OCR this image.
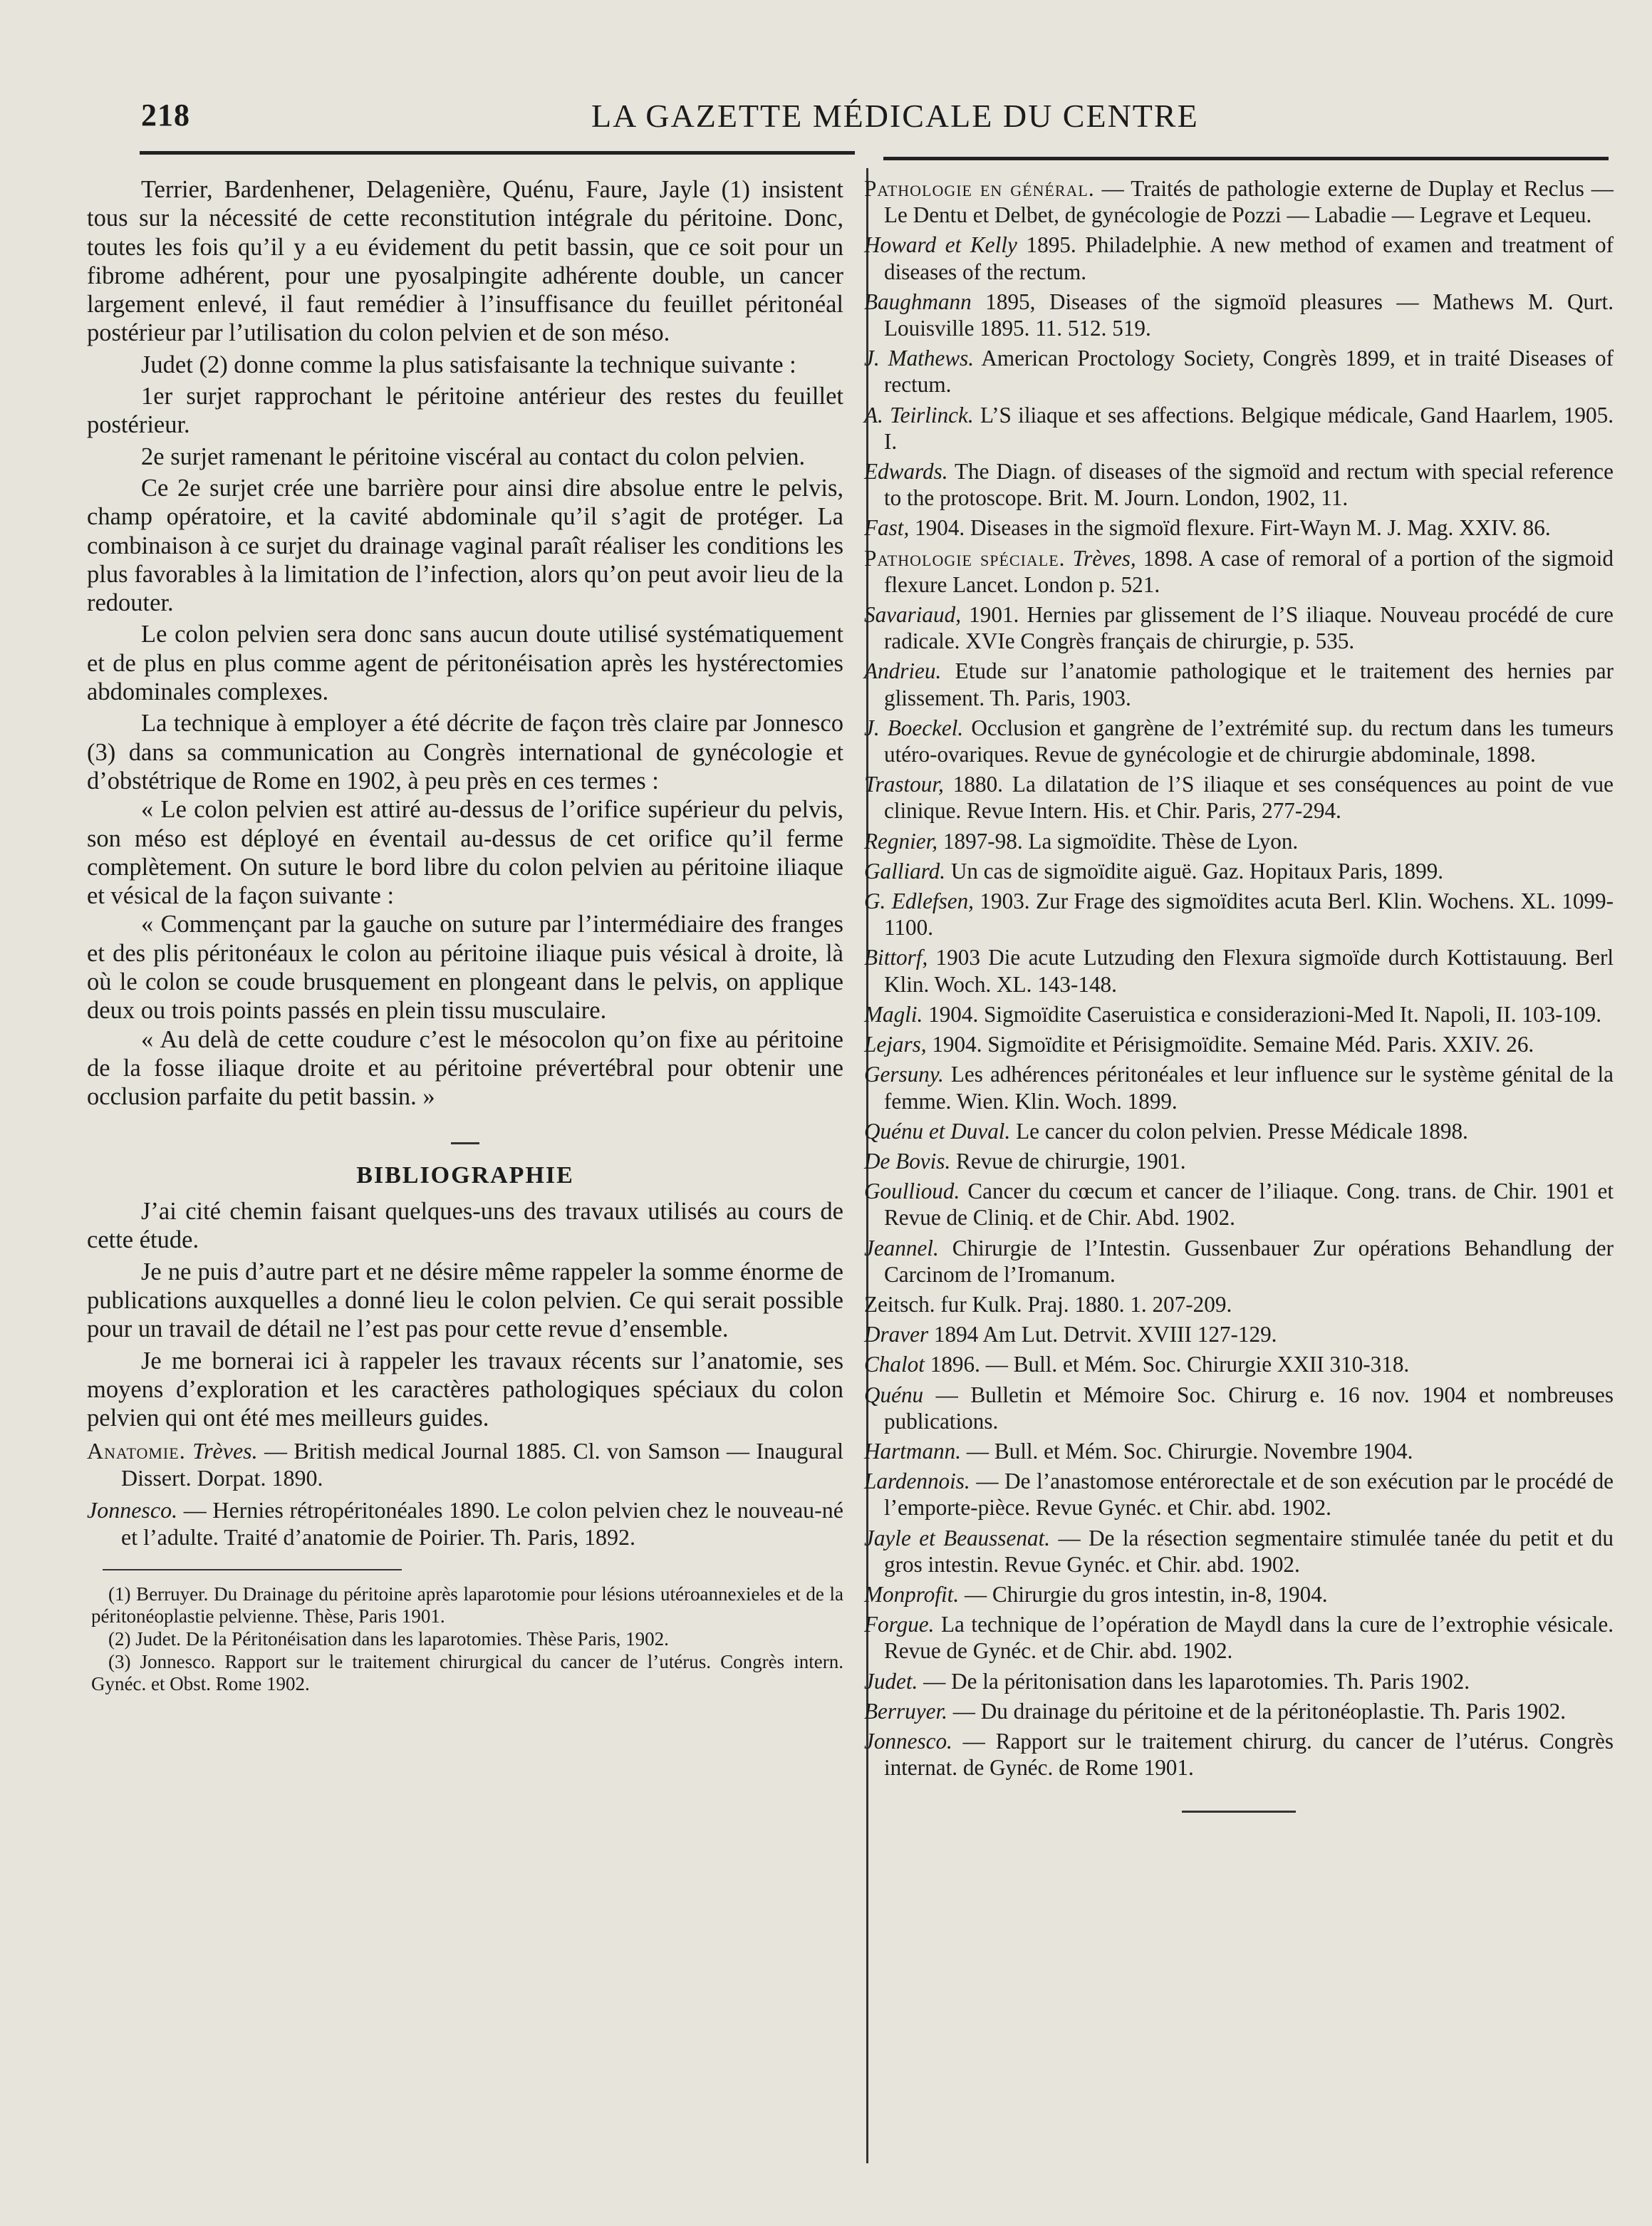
218	LA GAZETTE MÉDICALE DU CENTRE

Terrier, Bardenhener, Delagenière, Quénu, Faure, Jayle (1) insistent tous sur la nécessité de cette reconstitution intégrale du péritoine. Donc, toutes les fois qu’il y a eu évidement du petit bassin, que ce soit pour un fibrome adhérent, pour une pyosalpingite adhérente double, un cancer largement enlevé, il faut remédier à l’insuffisance du feuillet péritonéal postérieur par l’utilisation du colon pelvien et de son méso.

Judet (2) donne comme la plus satisfaisante la technique suivante :

1er surjet rapprochant le péritoine antérieur des restes du feuillet postérieur.

2e surjet ramenant le péritoine viscéral au contact du colon pelvien.

Ce 2e surjet crée une barrière pour ainsi dire absolue entre le pelvis, champ opératoire, et la cavité abdominale qu’il s’agit de protéger. La combinaison à ce surjet du drainage vaginal paraît réaliser les conditions les plus favorables à la limitation de l’infection, alors qu’on peut avoir lieu de la redouter.

Le colon pelvien sera donc sans aucun doute utilisé systématiquement et de plus en plus comme agent de péritonéisation après les hystérectomies abdominales complexes.

La technique à employer a été décrite de façon très claire par Jonnesco (3) dans sa communication au Congrès international de gynécologie et d’obstétrique de Rome en 1902, à peu près en ces termes :

« Le colon pelvien est attiré au-dessus de l’orifice supérieur du pelvis, son méso est déployé en éventail au-dessus de cet orifice qu’il ferme complètement. On suture le bord libre du colon pelvien au péritoine iliaque et vésical de la façon suivante :

« Commençant par la gauche on suture par l’intermédiaire des franges et des plis péritonéaux le colon au péritoine iliaque puis vésical à droite, là où le colon se coude brusquement en plongeant dans le pelvis, on applique deux ou trois points passés en plein tissu musculaire.

« Au delà de cette coudure c’est le mésocolon qu’on fixe au péritoine de la fosse iliaque droite et au péritoine prévertébral pour obtenir une occlusion parfaite du petit bassin. »

BIBLIOGRAPHIE

J’ai cité chemin faisant quelques-uns des travaux utilisés au cours de cette étude.

Je ne puis d’autre part et ne désire même rappeler la somme énorme de publications auxquelles a donné lieu le colon pelvien. Ce qui serait possible pour un travail de détail ne l’est pas pour cette revue d’ensemble.

Je me bornerai ici à rappeler les travaux récents sur l’anatomie, ses moyens d’exploration et les caractères pathologiques spéciaux du colon pelvien qui ont été mes meilleurs guides.

Anatomie. Trèves. — British medical Journal 1885. Cl. von Samson — Inaugural Dissert. Dorpat. 1890.

Jonnesco. — Hernies rétropéritonéales 1890. Le colon pelvien chez le nouveau-né et l’adulte. Traité d’anatomie de Poirier. Th. Paris, 1892.

(1) Berruyer. Du Drainage du péritoine après laparotomie pour lésions utéroannexieles et de la péritonéoplastie pelvienne. Thèse, Paris 1901.

(2) Judet. De la Péritonéisation dans les laparotomies. Thèse Paris, 1902.

(3) Jonnesco. Rapport sur le traitement chirurgical du cancer de l’utérus. Congrès intern. Gynéc. et Obst. Rome 1902.

Pathologie en général. — Traités de pathologie externe de Duplay et Reclus — Le Dentu et Delbet, de gynécologie de Pozzi — Labadie — Legrave et Lequeu.

Howard et Kelly 1895. Philadelphie. A new method of examen and treatment of diseases of the rectum.

Baughmann 1895, Diseases of the sigmoïd pleasures — Mathews M. Qurt. Louisville 1895. 11. 512. 519.

J. Mathews. American Proctology Society, Congrès 1899, et in traité Diseases of rectum.

A. Teirlinck. L’S iliaque et ses affections. Belgique médicale, Gand Haarlem, 1905. I.

Edwards. The Diagn. of diseases of the sigmoïd and rectum with special reference to the protoscope. Brit. M. Journ. London, 1902, 11.

Fast, 1904. Diseases in the sigmoïd flexure. Firt-Wayn M. J. Mag. XXIV. 86.

Pathologie spéciale. Trèves, 1898. A case of remoral of a portion of the sigmoid flexure Lancet. London p. 521.

Savariaud, 1901. Hernies par glissement de l’S iliaque. Nouveau procédé de cure radicale. XVIe Congrès français de chirurgie, p. 535.

Andrieu. Etude sur l’anatomie pathologique et le traitement des hernies par glissement. Th. Paris, 1903.

J. Boeckel. Occlusion et gangrène de l’extrémité sup. du rectum dans les tumeurs utéro-ovariques. Revue de gynécologie et de chirurgie abdominale, 1898.

Trastour, 1880. La dilatation de l’S iliaque et ses conséquences au point de vue clinique. Revue Intern. His. et Chir. Paris, 277-294.

Regnier, 1897-98. La sigmoïdite. Thèse de Lyon.

Galliard. Un cas de sigmoïdite aiguë. Gaz. Hopitaux Paris, 1899.

G. Edlefsen, 1903. Zur Frage des sigmoïdites acuta Berl. Klin. Wochens. XL. 1099-1100.

Bittorf, 1903 Die acute Lutzuding den Flexura sigmoïde durch Kottistauung. Berl Klin. Woch. XL. 143-148.

Magli. 1904. Sigmoïdite Caseruistica e considerazioni-Med It. Napoli, II. 103-109.

Lejars, 1904. Sigmoïdite et Périsigmoïdite. Semaine Méd. Paris. XXIV. 26.

Gersuny. Les adhérences péritonéales et leur influence sur le système génital de la femme. Wien. Klin. Woch. 1899.

Quénu et Duval. Le cancer du colon pelvien. Presse Médicale 1898.

De Bovis. Revue de chirurgie, 1901.

Goullioud. Cancer du cœcum et cancer de l’iliaque. Cong. trans. de Chir. 1901 et Revue de Cliniq. et de Chir. Abd. 1902.

Jeannel. Chirurgie de l’Intestin. Gussenbauer Zur opérations Behandlung der Carcinom de l’Iromanum.

Zeitsch. fur Kulk. Praj. 1880. 1. 207-209.

Draver 1894 Am Lut. Detrvit. XVIII 127-129.

Chalot 1896. — Bull. et Mém. Soc. Chirurgie XXII 310-318.

Quénu — Bulletin et Mémoire Soc. Chirurg e. 16 nov. 1904 et nombreuses publications.

Hartmann. — Bull. et Mém. Soc. Chirurgie. Novembre 1904.

Lardennois. — De l’anastomose entérorectale et de son exécution par le procédé de l’emporte-pièce. Revue Gynéc. et Chir. abd. 1902.

Jayle et Beaussenat. — De la résection segmentaire stimulée tanée du petit et du gros intestin. Revue Gynéc. et Chir. abd. 1902.

Monprofit. — Chirurgie du gros intestin, in-8, 1904.

Forgue. La technique de l’opération de Maydl dans la cure de l’extrophie vésicale. Revue de Gynéc. et de Chir. abd. 1902.

Judet. — De la péritonisation dans les laparotomies. Th. Paris 1902.

Berruyer. — Du drainage du péritoine et de la péritonéoplastie. Th. Paris 1902.

Jonnesco. — Rapport sur le traitement chirurg. du cancer de l’utérus. Congrès internat. de Gynéc. de Rome 1901.
